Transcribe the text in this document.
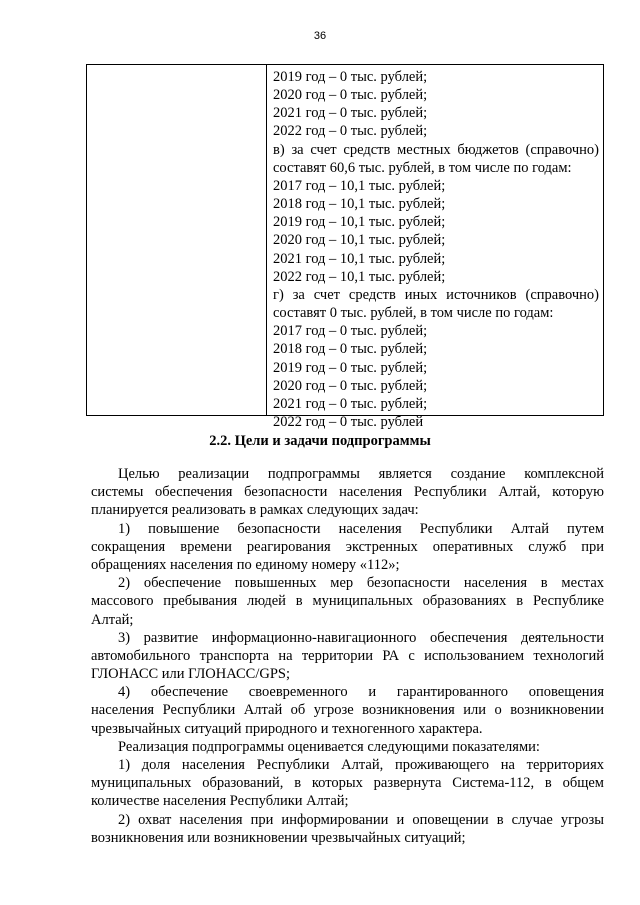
36
2019 год – 0 тыс. рублей;
2020 год – 0 тыс. рублей;
2021 год – 0 тыс. рублей;
2022 год – 0 тыс. рублей;
в) за счет средств местных бюджетов (справочно)
составят 60,6 тыс. рублей, в том числе по годам:
2017 год – 10,1 тыс. рублей;
2018 год – 10,1 тыс. рублей;
2019 год – 10,1 тыс. рублей;
2020 год – 10,1 тыс. рублей;
2021 год – 10,1 тыс. рублей;
2022 год – 10,1 тыс. рублей;
г) за счет средств иных источников (справочно)
составят 0 тыс. рублей, в том числе по годам:
2017 год – 0 тыс. рублей;
2018 год – 0 тыс. рублей;
2019 год – 0 тыс. рублей;
2020 год – 0 тыс. рублей;
2021 год – 0 тыс. рублей;
2022 год – 0 тыс. рублей
2.2. Цели и задачи подпрограммы
Целью реализации подпрограммы является создание комплексной
системы обеспечения безопасности населения Республики Алтай, которую
планируется реализовать в рамках следующих задач:
1) повышение безопасности населения Республики Алтай путем
сокращения времени реагирования экстренных оперативных служб при
обращениях населения по единому номеру «112»;
2) обеспечение повышенных мер безопасности населения в местах
массового пребывания людей в муниципальных образованиях в Республике
Алтай;
3) развитие информационно-навигационного обеспечения деятельности
автомобильного транспорта на территории РА с использованием технологий
ГЛОНАСС или ГЛОНАСС/GPS;
4) обеспечение своевременного и гарантированного оповещения
населения Республики Алтай об угрозе возникновения или о возникновении
чрезвычайных ситуаций природного и техногенного характера.
Реализация подпрограммы оценивается следующими показателями:
1) доля населения Республики Алтай, проживающего на территориях
муниципальных образований, в которых развернута Система-112, в общем
количестве населения Республики Алтай;
2) охват населения при информировании и оповещении в случае угрозы
возникновения или возникновении чрезвычайных ситуаций;
